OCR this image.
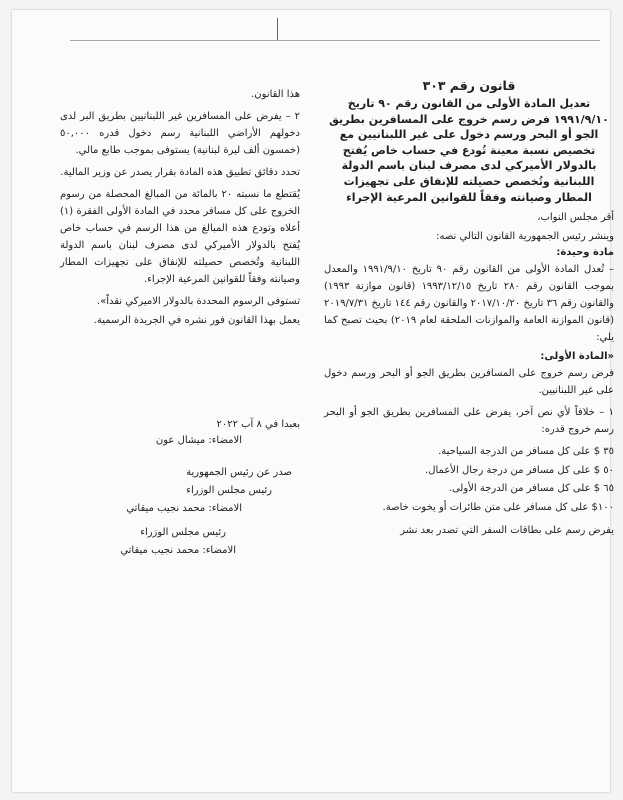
قانون رقم ٣٠٣
تعديل المادة الأولى من القانون رقم ٩٠ تاريخ ١٩٩١/٩/١٠ فرض رسم خروج على المسافرين بطريق الجو أو البحر ورسم دخول على غير اللبنانيين مع تخصيص نسبة معينة تُودع في حساب خاص يُفتح بالدولار الأميركي لدى مصرف لبنان باسم الدولة اللبنانية وتُخصص حصيلته للإنفاق على تجهيزات المطار وصيانته وفقاً للقوانين المرعية الإجراء
أقر مجلس النواب،
وينشر رئيس الجمهورية القانون التالي نصه:
مادة وحيدة:
– تُعدل المادة الأولى من القانون رقم ٩٠ تاريخ ١٩٩١/٩/١٠ والمعدل بموجب القانون رقم ٢٨٠ تاريخ ١٩٩٣/١٢/١٥ (قانون موازنة ١٩٩٣) والقانون رقم ٣٦ تاريخ ٢٠١٧/١٠/٢٠ والقانون رقم ١٤٤ تاريخ ٢٠١٩/٧/٣١ (قانون الموازنة العامة والموازنات الملحقة لعام ٢٠١٩) بحيث تصبح كما يلي:
«المادة الأولى:
فرض رسم خروج على المسافرين بطريق الجو أو البحر ورسم دخول على غير اللبنانيين.
١ – خلافاً لأي نص آخر، يفرض على المسافرين بطريق الجو أو البحر رسم خروج قدره:
٣٥ $ على كل مسافر من الدرجة السياحية.
٥٠ $ على كل مسافر من درجة رجال الأعمال.
٦٥ $ على كل مسافر من الدرجة الأولى.
١٠٠$ على كل مسافر على متن طائرات أو يخوت خاصة.
يفرض رسم على بطاقات السفر التي تصدر بعد نشر
هذا القانون.
٢ – يفرض على المسافرين غير اللبنانيين بطريق البر لدى دخولهم الأراضي اللبنانية رسم دخول قدره ٥٠,٠٠٠ (خمسون ألف ليرة لبنانية) يستوفى بموجب طابع مالي.
تحدد دقائق تطبيق هذه المادة بقرار يصدر عن وزير المالية.
يُقتطع ما نسبته ٢٠ بالمائة من المبالغ المحصلة من رسوم الخروج على كل مسافر محدد في المادة الأولى الفقرة (١) أعلاه وتودع هذه المبالغ من هذا الرسم في حساب خاص يُفتح بالدولار الأميركي لدى مصرف لبنان باسم الدولة اللبنانية وتُخصص حصيلته للإنفاق على تجهيزات المطار وصيانته وفقاً للقوانين المرعية الإجراء.
تستوفى الرسوم المحددة بالدولار الاميركي نقداً».
يعمل بهذا القانون فور نشره في الجريدة الرسمية.
بعبدا في ٨ آب ٢٠٢٢
الامضاء: ميشال عون
صدر عن رئيس الجمهورية
رئيس مجلس الوزراء
الامضاء: محمد نجيب ميقاتي
رئيس مجلس الوزراء
الامضاء: محمد نجيب ميقاتي
